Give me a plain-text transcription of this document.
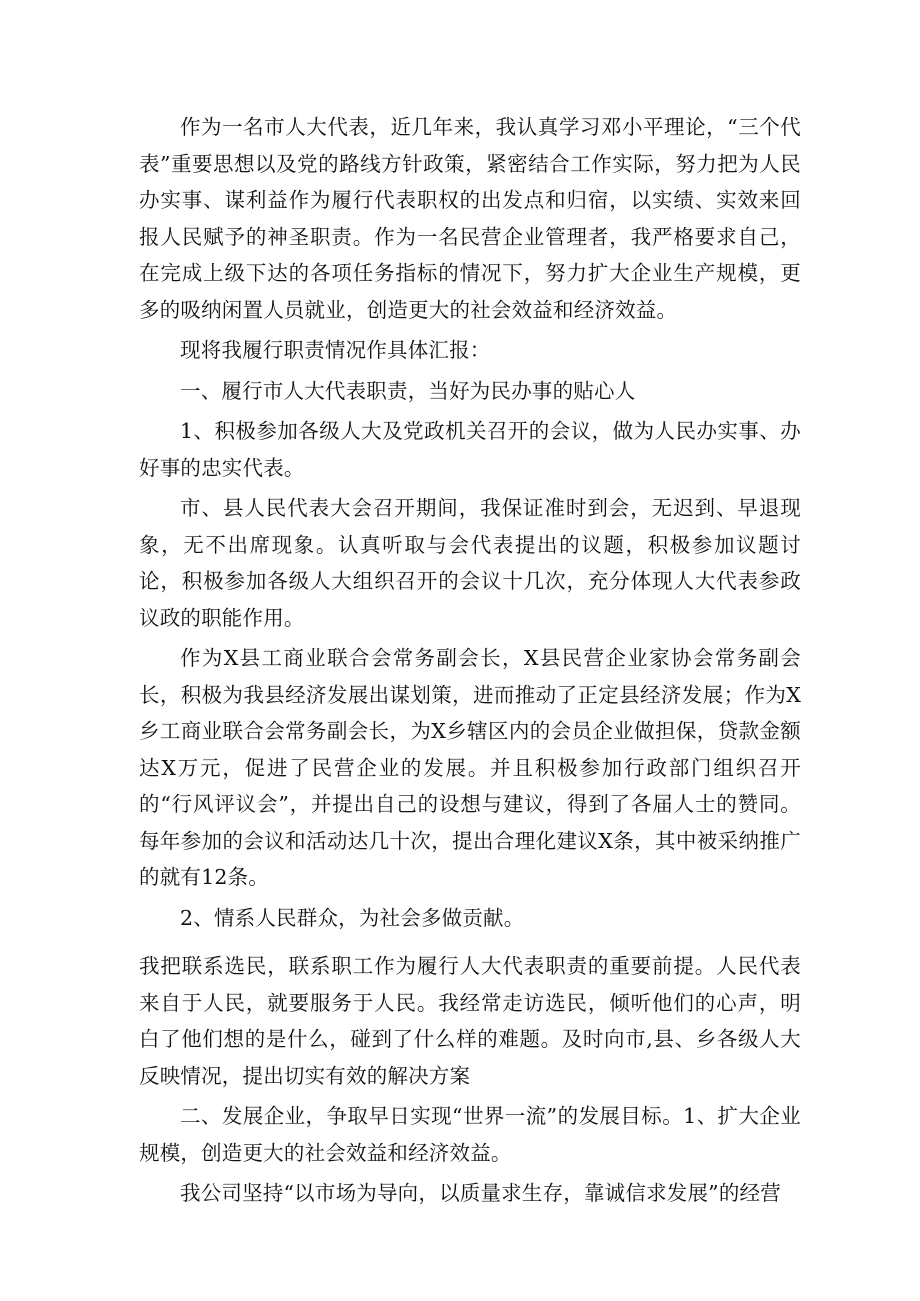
作为一名市人大代表，近几年来，我认真学习邓小平理论，“三个代表”重要思想以及党的路线方针政策，紧密结合工作实际，努力把为人民办实事、谋利益作为履行代表职权的出发点和归宿，以实绩、实效来回报人民赋予的神圣职责。作为一名民营企业管理者，我严格要求自己，在完成上级下达的各项任务指标的情况下，努力扩大企业生产规模，更多的吸纳闲置人员就业，创造更大的社会效益和经济效益。

现将我履行职责情况作具体汇报：

一、履行市人大代表职责，当好为民办事的贴心人

1、积极参加各级人大及党政机关召开的会议，做为人民办实事、办好事的忠实代表。

市、县人民代表大会召开期间，我保证准时到会，无迟到、早退现象，无不出席现象。认真听取与会代表提出的议题，积极参加议题讨论，积极参加各级人大组织召开的会议十几次，充分体现人大代表参政议政的职能作用。

作为X县工商业联合会常务副会长，X县民营企业家协会常务副会长，积极为我县经济发展出谋划策，进而推动了正定县经济发展；作为X乡工商业联合会常务副会长，为X乡辖区内的会员企业做担保，贷款金额达X万元，促进了民营企业的发展。并且积极参加行政部门组织召开的“行风评议会”，并提出自己的设想与建议，得到了各届人士的赞同。每年参加的会议和活动达几十次，提出合理化建议X条，其中被采纳推广的就有12条。

2、情系人民群众，为社会多做贡献。

我把联系选民，联系职工作为履行人大代表职责的重要前提。人民代表来自于人民，就要服务于人民。我经常走访选民，倾听他们的心声，明白了他们想的是什么，碰到了什么样的难题。及时向市,县、乡各级人大反映情况，提出切实有效的解决方案

二、发展企业，争取早日实现“世界一流”的发展目标。1、扩大企业规模，创造更大的社会效益和经济效益。

我公司坚持“以市场为导向，以质量求生存，靠诚信求发展”的经营
